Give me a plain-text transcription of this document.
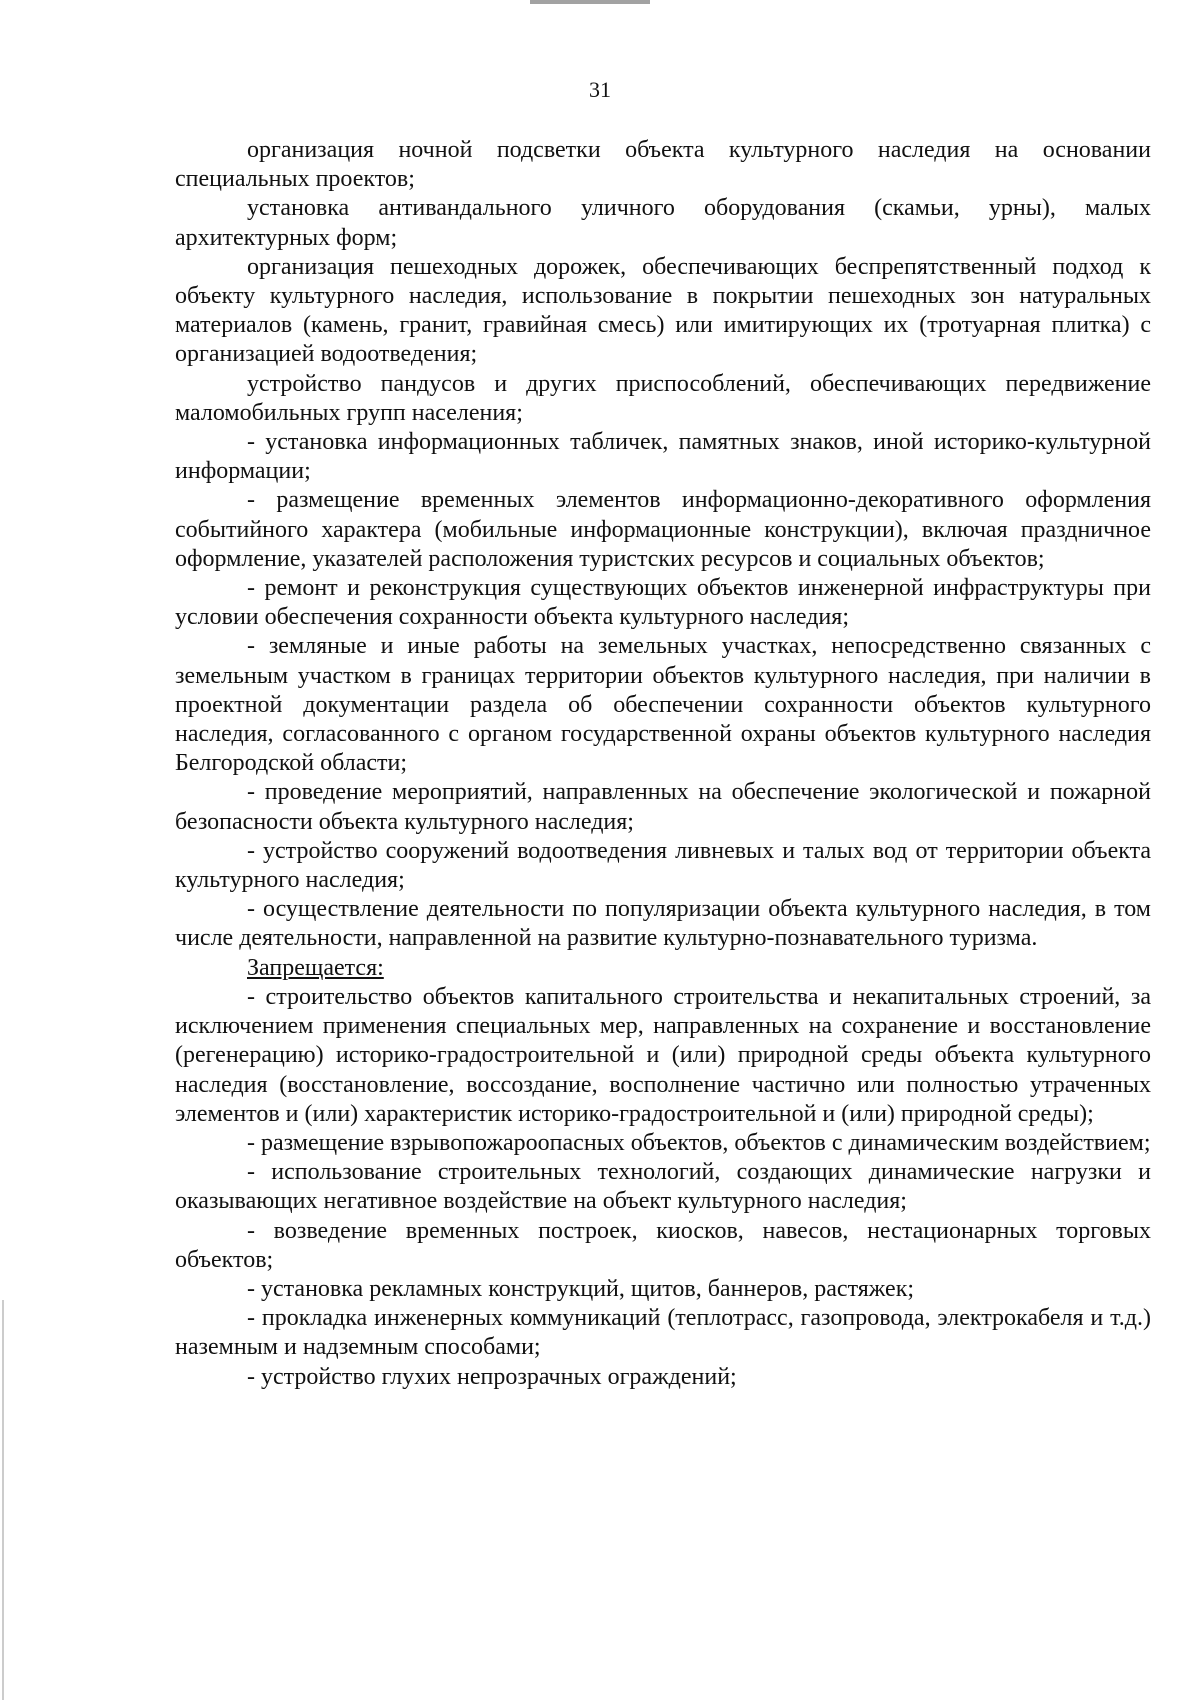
31

организация ночной подсветки объекта культурного наследия на основании специальных проектов;

установка антивандального уличного оборудования (скамьи, урны), малых архитектурных форм;

организация пешеходных дорожек, обеспечивающих беспрепятственный подход к объекту культурного наследия, использование в покрытии пешеходных зон натуральных материалов (камень, гранит, гравийная смесь) или имитирующих их (тротуарная плитка) с организацией водоотведения;

устройство пандусов и других приспособлений, обеспечивающих передвижение маломобильных групп населения;

- установка информационных табличек, памятных знаков, иной историко-культурной информации;

- размещение временных элементов информационно-декоративного оформления событийного характера (мобильные информационные конструкции), включая праздничное оформление, указателей расположения туристских ресурсов и социальных объектов;

- ремонт и реконструкция существующих объектов инженерной инфраструктуры при условии обеспечения сохранности объекта культурного наследия;

- земляные и иные работы на земельных участках, непосредственно связанных с земельным участком в границах территории объектов культурного наследия, при наличии в проектной документации раздела об обеспечении сохранности объектов культурного наследия, согласованного с органом государственной охраны объектов культурного наследия Белгородской области;

- проведение мероприятий, направленных на обеспечение экологической и пожарной безопасности объекта культурного наследия;

- устройство сооружений водоотведения ливневых и талых вод от территории объекта культурного наследия;

- осуществление деятельности по популяризации объекта культурного наследия, в том числе деятельности, направленной на развитие культурно-познавательного туризма.

Запрещается:

- строительство объектов капитального строительства и некапитальных строений, за исключением применения специальных мер, направленных на сохранение и восстановление (регенерацию) историко-градостроительной и (или) природной среды объекта культурного наследия (восстановление, воссоздание, восполнение частично или полностью утраченных элементов и (или) характеристик историко-градостроительной и (или) природной среды);

- размещение взрывопожароопасных объектов, объектов с динамическим воздействием;

- использование строительных технологий, создающих динамические нагрузки и оказывающих негативное воздействие на объект культурного наследия;

- возведение временных построек, киосков, навесов, нестационарных торговых объектов;

- установка рекламных конструкций, щитов, баннеров, растяжек;

- прокладка инженерных коммуникаций (теплотрасс, газопровода, электрокабеля и т.д.) наземным и надземным способами;

- устройство глухих непрозрачных ограждений;
